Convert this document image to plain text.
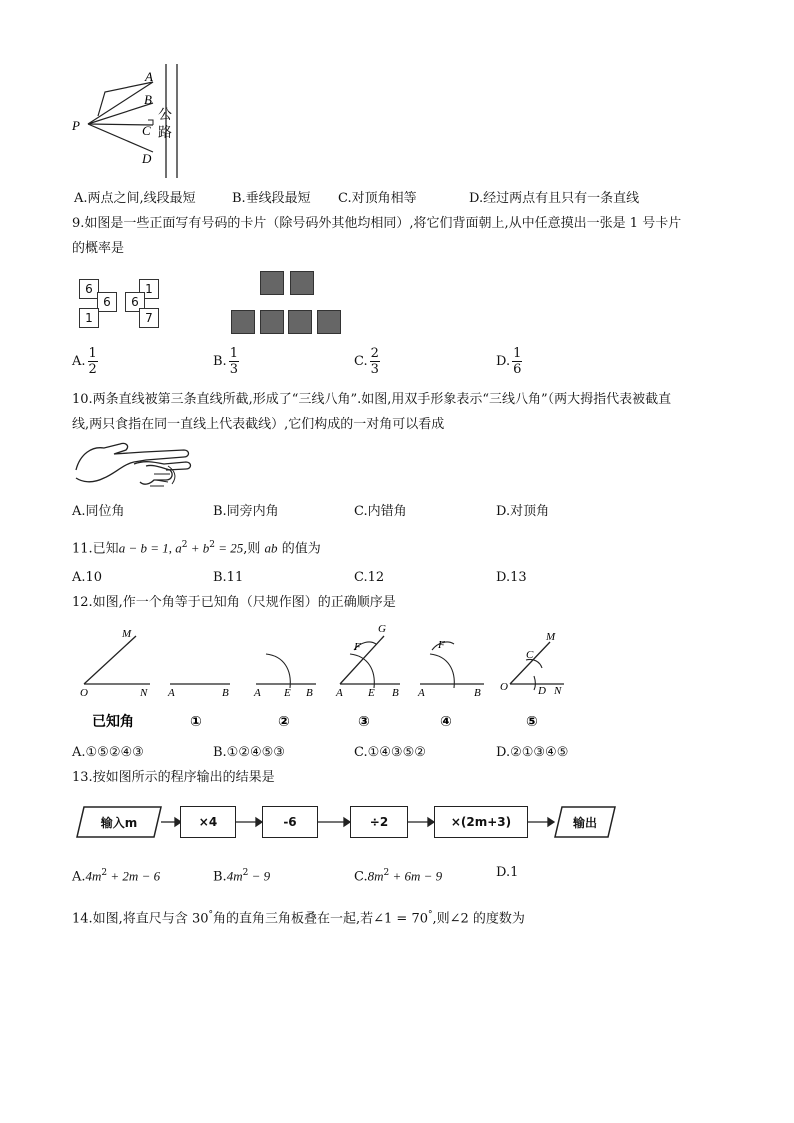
A
B
C
D
P
公路
A.两点之间,线段最短	B.垂线段最短 C.对顶角相等	D.经过两点有且只有一条直线
9.如图是一些正面写有号码的卡片（除号码外其他均相同）,将它们背面朝上,从中任意摸出一张是 1 号卡片
的概率是
6
6
1
1
6
7
A. $\frac{1}{2}$	B. $\frac{1}{3}$	C. $\frac{2}{3}$	D. $\frac{1}{6}$
10.两条直线被第三条直线所截,形成了“三线八角”.如图,用双手形象表示“三线八角”（两大拇指代表被截直
线,两只食指在同一直线上代表截线）,它们构成的一对角可以看成
A.同位角	B.同旁内角	C.内错角	D.对顶角
11.已知a − b = 1, $a^2 + b^2 = 25$,则 ab 的值为
A.10	B.11	C.12	D.13
12.如图,作一个角等于已知角（尺规作图）的正确顺序是
M
O	N A	B A E B
G
F
A E B
F
A	B
M
C
O	D N
已知角	①	②	③	④	⑤
A.①⑤②④③	B.①②④⑤③	C.①④③⑤②	D.②①③④⑤
13.按如图所示的程序输出的结果是
输入m	×4	-6	÷2	×(2m+3)	输出
$A.4m^2 + 2m - 6$	$B.4m^2 - 9$	$C.8m^2 + 6m - 9$	D.1
14.如图,将直尺与含 30°角的直角三角板叠在一起,若∠1 = 70°,则∠2 的度数为
